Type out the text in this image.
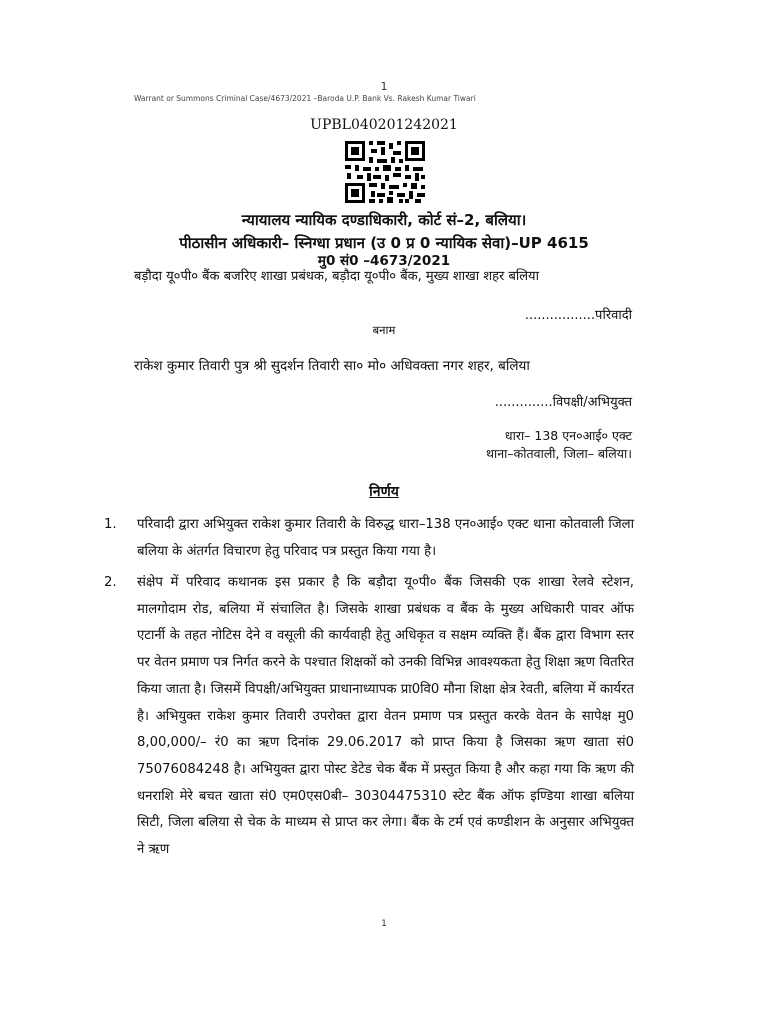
1
Warrant or Summons Criminal Case/4673/2021 –Baroda U.P. Bank Vs. Rakesh Kumar Tiwari
UPBL040201242021
न्यायालय न्यायिक दण्डाधिकारी, कोर्ट सं–2, बलिया।
पीठासीन अधिकारी– स्निग्धा प्रधान (उ 0 प्र 0 न्यायिक सेवा)–UP 4615
मु0 सं0 –4673/2021
बड़ौदा यू०पी० बैंक बजरिए शाखा प्रबंधक, बड़ौदा यू०पी० बैंक, मुख्य शाखा शहर बलिया
.................परिवादी
बनाम
राकेश कुमार तिवारी पुत्र श्री सुदर्शन तिवारी सा० मो० अधिवक्ता नगर शहर, बलिया
..............विपक्षी/अभियुक्त
धारा– 138 एन०आई० एक्ट
थाना–कोतवाली, जिला– बलिया।
निर्णय
1. परिवादी द्वारा अभियुक्त राकेश कुमार तिवारी के विरुद्ध धारा–138 एन०आई० एक्ट थाना कोतवाली जिला बलिया के अंतर्गत विचारण हेतु परिवाद पत्र प्रस्तुत किया गया है।
2. संक्षेप में परिवाद कथानक इस प्रकार है कि बड़ौदा यू०पी० बैंक जिसकी एक शाखा रेलवे स्टेशन, मालगोदाम रोड, बलिया में संचालित है। जिसके शाखा प्रबंधक व बैंक के मुख्य अधिकारी पावर ऑफ एटार्नी के तहत नोटिस देने व वसूली की कार्यवाही हेतु अधिकृत व सक्षम व्यक्ति हैं। बैंक द्वारा विभाग स्तर पर वेतन प्रमाण पत्र निर्गत करने के पश्चात शिक्षकों को उनकी विभिन्न आवश्यकता हेतु शिक्षा ऋण वितरित किया जाता है। जिसमें विपक्षी/अभियुक्त प्राधानाध्यापक प्रा0वि0 मौना शिक्षा क्षेत्र रेवती, बलिया में कार्यरत है। अभियुक्त राकेश कुमार तिवारी उपरोक्त द्वारा वेतन प्रमाण पत्र प्रस्तुत करके वेतन के सापेक्ष मु0 8,00,000/– रं0 का ऋण दिनांक 29.06.2017 को प्राप्त किया है जिसका ऋण खाता सं0 75076084248 है। अभियुक्त द्वारा पोस्ट डेटेड चेक बैंक में प्रस्तुत किया है और कहा गया कि ऋण की धनराशि मेरे बचत खाता सं0 एम0एस0बी– 30304475310 स्टेट बैंक ऑफ इण्डिया शाखा बलिया सिटी, जिला बलिया से चेक के माध्यम से प्राप्त कर लेगा। बैंक के टर्म एवं कण्डीशन के अनुसार अभियुक्त ने ऋण
1
